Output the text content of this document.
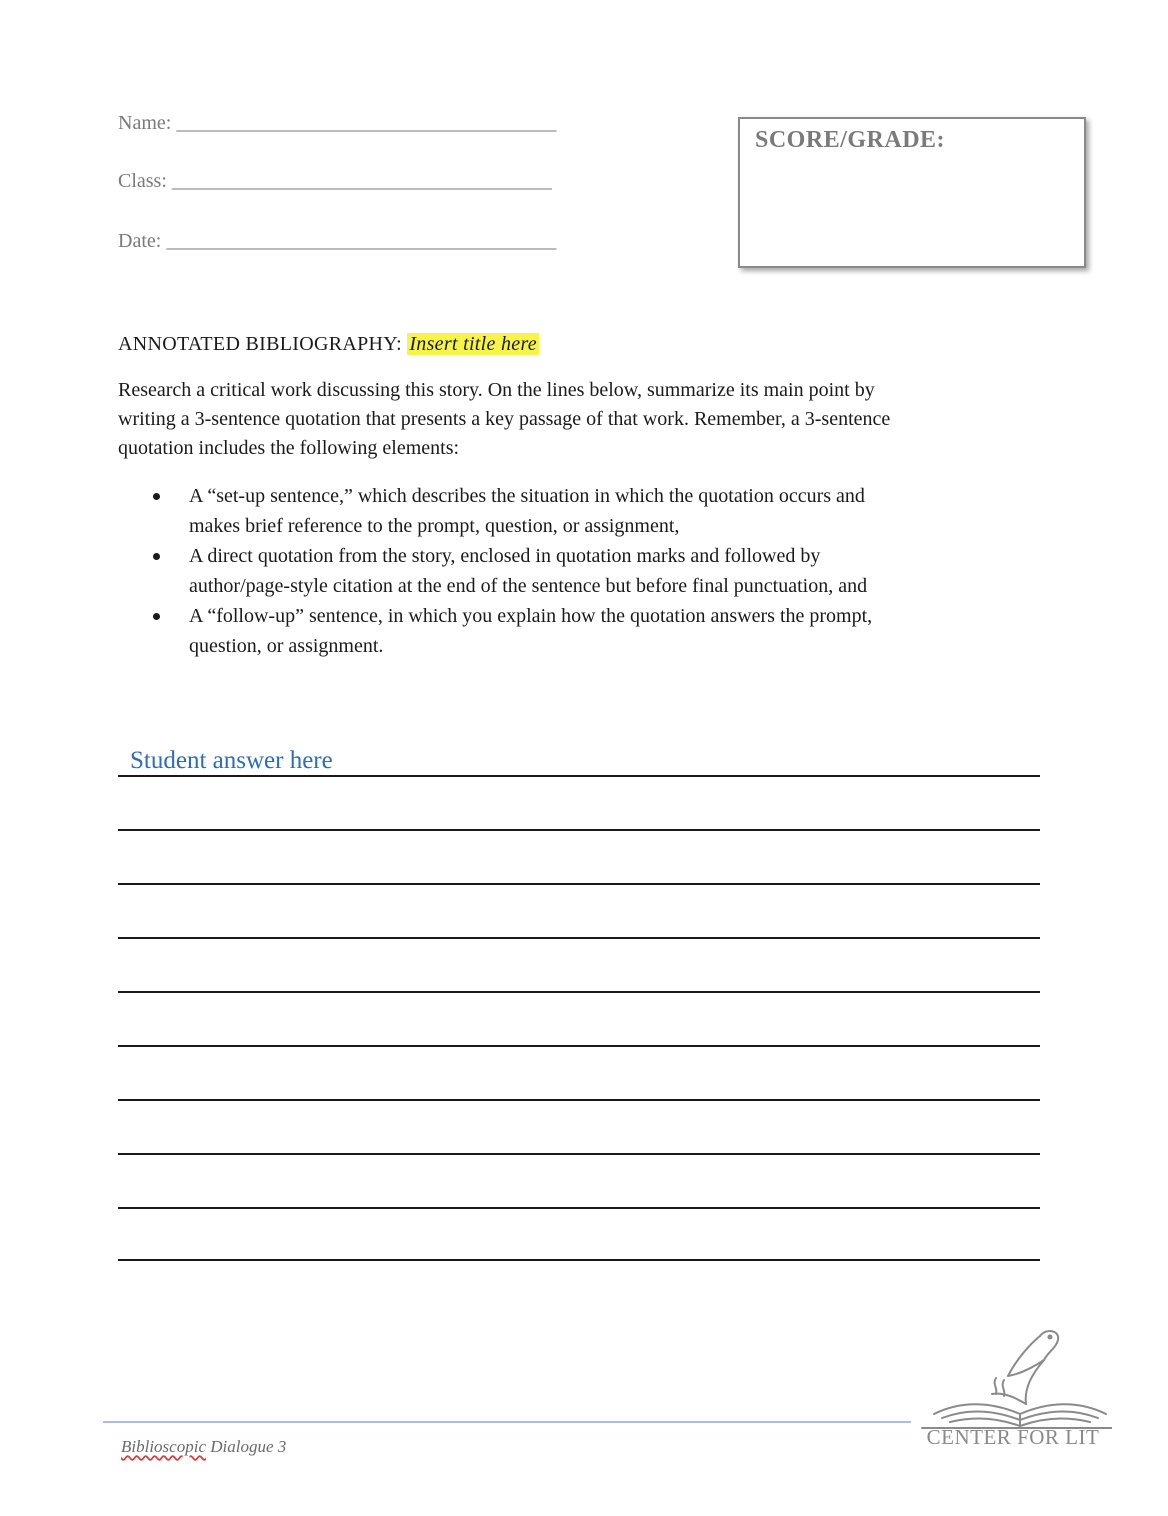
Name: ______________________________________
Class: ______________________________________
Date: _______________________________________
SCORE/GRADE:
ANNOTATED BIBLIOGRAPHY: Insert title here
Research a critical work discussing this story. On the lines below, summarize its main point by
writing a 3-sentence quotation that presents a key passage of that work. Remember, a 3-sentence
quotation includes the following elements:
A “set-up sentence,” which describes the situation in which the quotation occurs and
makes brief reference to the prompt, question, or assignment,
A direct quotation from the story, enclosed in quotation marks and followed by
author/page-style citation at the end of the sentence but before final punctuation, and
A “follow-up” sentence, in which you explain how the quotation answers the prompt,
question, or assignment.
Student answer here
Biblioscopic Dialogue 3	CENTER FOR LIT
